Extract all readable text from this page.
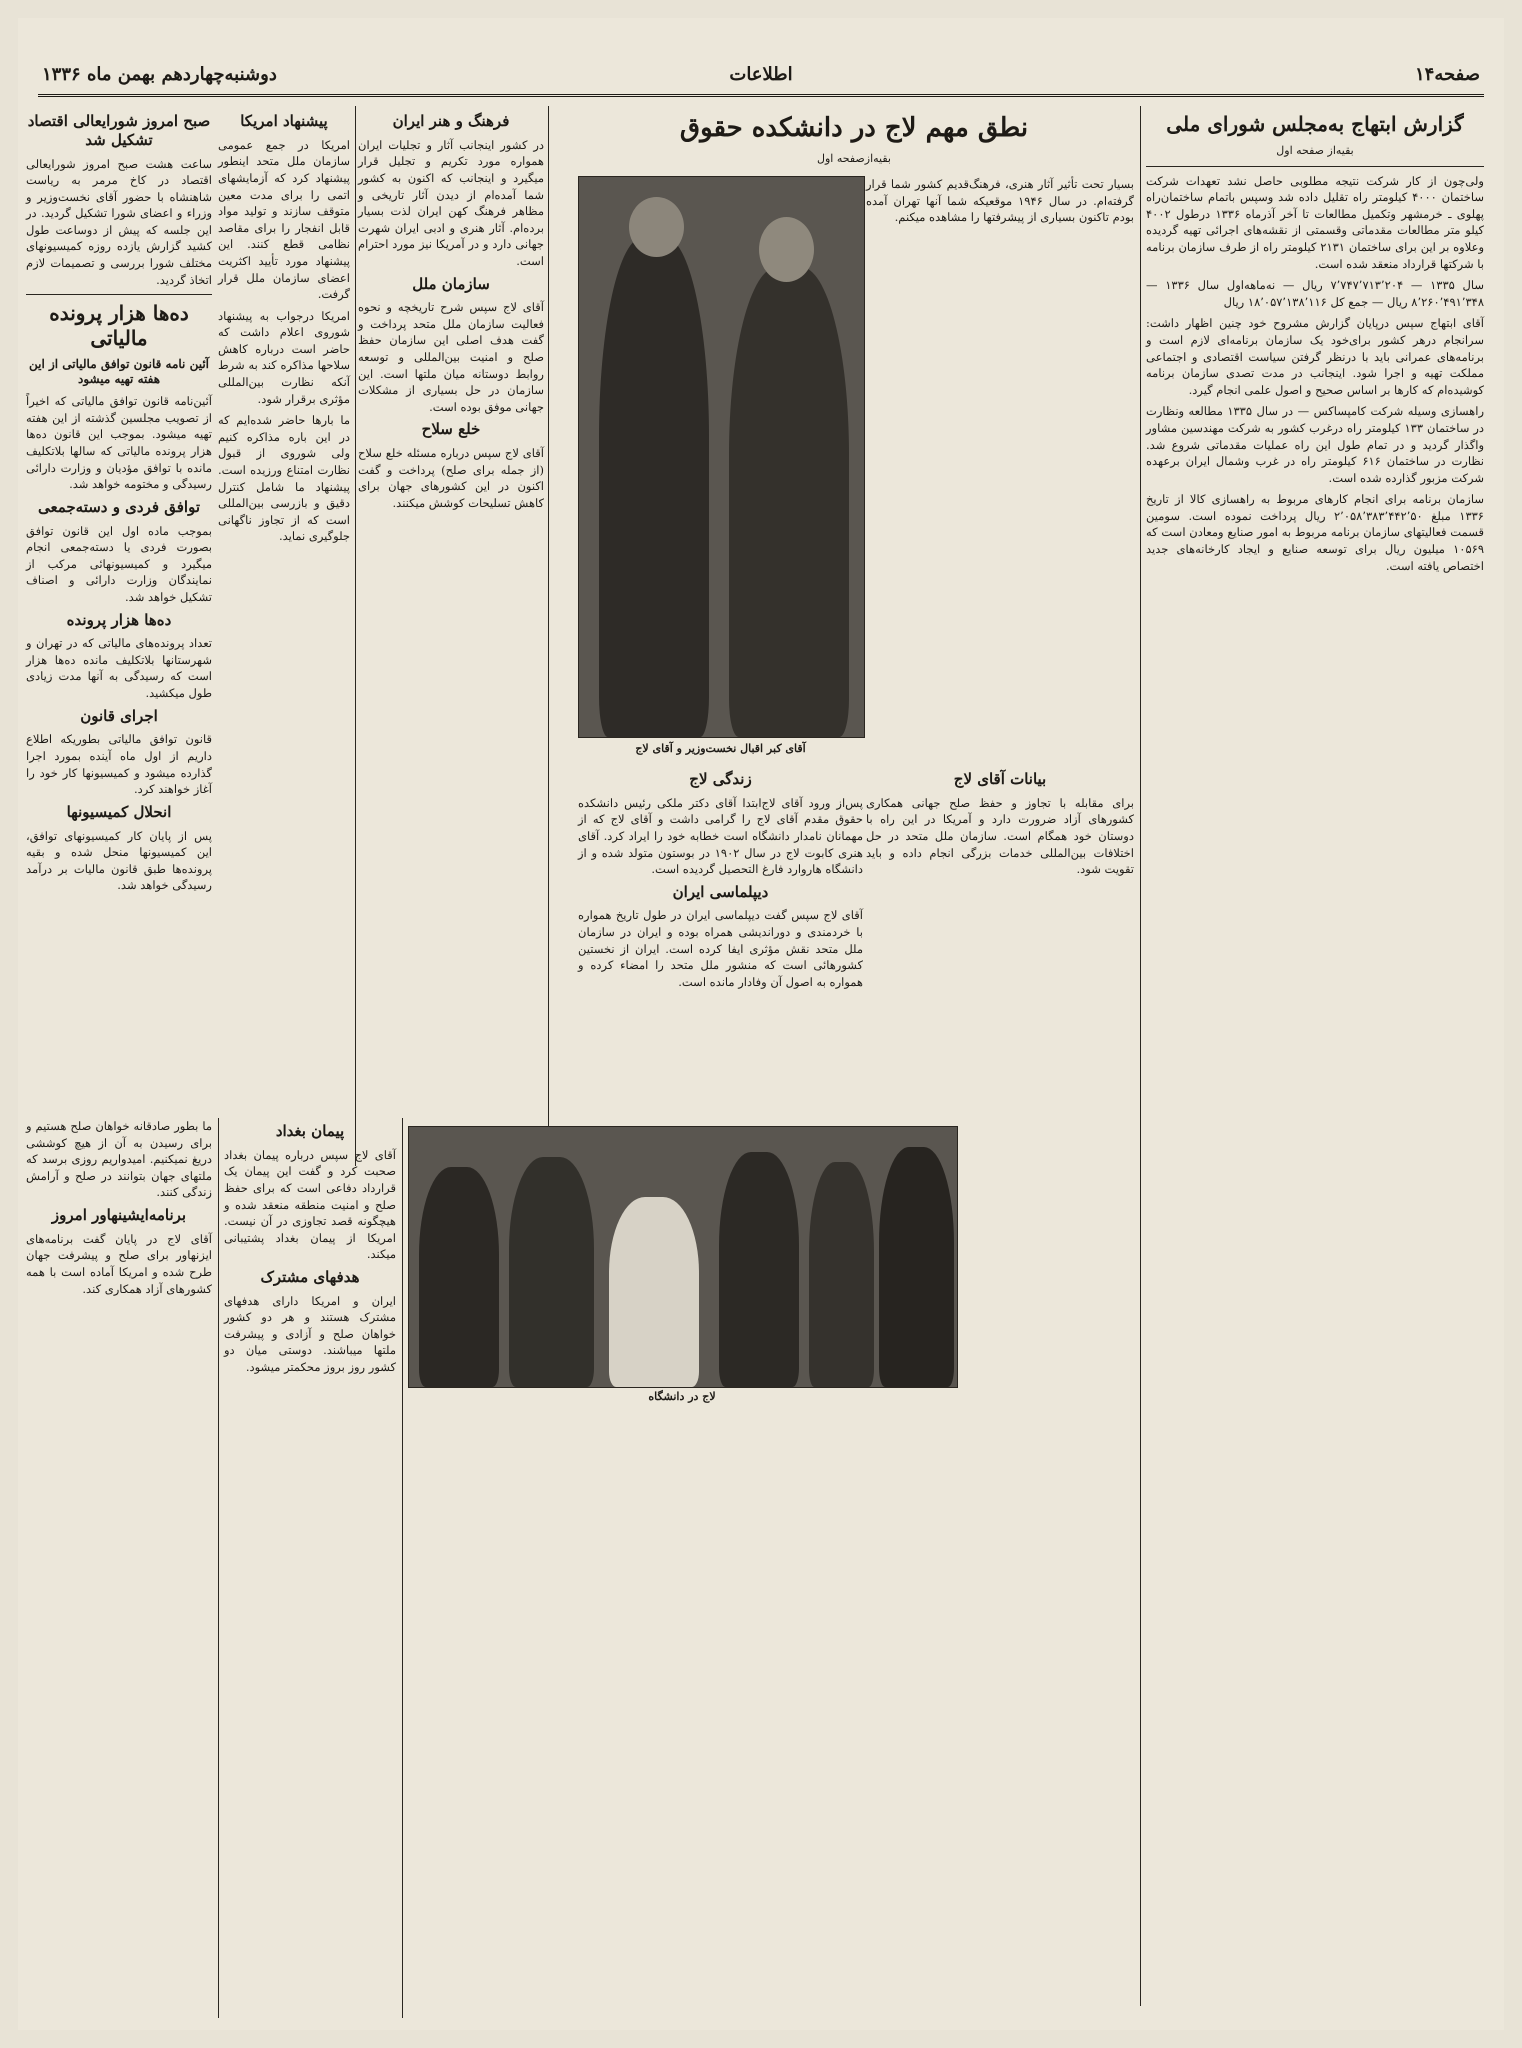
صفحه۱۴
اطلاعات
دوشنبه‌چهاردهم بهمن ماه ۱۳۳۶
گزارش ابتهاج به‌مجلس شورای ملی
بقیه‌از صفحه اول

ولی‌چون از کار شرکت نتیجه مطلوبی حاصل نشد تعهدات شرکت ساختمان ۴۰۰۰ کیلومتر راه تقلیل داده شد وسپس باتمام ساختمان‌راه پهلوی ـ خرمشهر وتکمیل مطالعات تا آخر آذرماه ۱۳۳۶ درطول ۴۰۰۲ کیلو متر مطالعات مقدماتی وقسمتی از نقشه‌های اجرائی تهیه گردیده وعلاوه بر این برای ساختمان ۲۱۳۱ کیلومتر راه از طرف سازمان برنامه با شرکتها قرارداد منعقد شده است.

سال ۱۳۳۵ — ۷٬۷۴۷٬۷۱۳٬۲۰۴ ریال — نه‌ماهه‌اول سال ۱۳۳۶ — ۸٬۲۶۰٬۴۹۱٬۳۴۸ ریال — جمع کل ۱۸٬۰۵۷٬۱۳۸٬۱۱۶ ریال

آقای ابتهاج سپس درپایان گزارش مشروح خود چنین اظهار داشت: سرانجام درهر کشور برای‌خود یک سازمان برنامه‌ای لازم است و برنامه‌های عمرانی باید با درنظر گرفتن سیاست اقتصادی و اجتماعی مملکت تهیه و اجرا شود. اینجانب در مدت تصدی سازمان برنامه کوشیده‌ام که کارها بر اساس صحیح و اصول علمی انجام گیرد.

راهسازی وسیله شرکت کامپساکس — در سال ۱۳۳۵ مطالعه ونظارت در ساختمان ۱۳۳ کیلومتر راه درغرب کشور به شرکت مهندسین مشاور واگذار گردید و در تمام طول این راه عملیات مقدماتی شروع شد. نظارت در ساختمان ۶۱۶ کیلومتر راه در غرب وشمال ایران برعهده شرکت مزبور گذارده شده است.

سازمان برنامه برای انجام کارهای مربوط به راهسازی کالا از تاریخ ۱۳۳۶ مبلغ ۲٬۰۵۸٬۳۸۳٬۴۴۲٬۵۰ ریال پرداخت نموده است. سومین قسمت فعالیتهای سازمان برنامه مربوط به امور صنایع ومعادن است که ۱۰۵۶۹ میلیون ریال برای توسعه صنایع و ایجاد کارخانه‌های جدید اختصاص یافته است.

نطق مهم لاج در دانشکده حقوق
بقیه‌ازصفحه اول
آقای کبر اقبال نخست‌وزیر و آقای لاج

بسیار تحت تأثیر آثار هنری، فرهنگ‌قدیم کشور شما قرار گرفته‌ام. در سال ۱۹۴۶ موقعیکه شما آنها تهران آمده بودم تاکنون بسیاری از پیشرفتها را مشاهده میکنم.

زندگی لاج

پس‌از ورود آقای لاج‌ابتدا آقای دکتر ملکی رئیس دانشکده حقوق مقدم آقای لاج را گرامی داشت و آقای لاج که از مهمانان نامدار دانشگاه است خطابه خود را ایراد کرد. آقای هنری کابوت لاج در سال ۱۹۰۲ در بوستون متولد شده و از دانشگاه هاروارد فارغ التحصیل گردیده است.

دیپلماسی ایران

آقای لاج سپس گفت دیپلماسی ایران در طول تاریخ همواره با خردمندی و دوراندیشی همراه بوده و ایران در سازمان ملل متحد نقش مؤثری ایفا کرده است. ایران از نخستین کشورهائی است که منشور ملل متحد را امضاء کرده و همواره به اصول آن وفادار مانده است.

بیانات آقای لاج

برای مقابله با تجاوز و حفظ صلح جهانی همکاری کشورهای آزاد ضرورت دارد و آمریکا در این راه با دوستان خود همگام است. سازمان ملل متحد در حل اختلافات بین‌المللی خدمات بزرگی انجام داده و باید تقویت شود.

فرهنگ و هنر ایران

در کشور اینجانب آثار و تجلیات ایران همواره مورد تکریم و تجلیل قرار میگیرد و اینجانب که اکنون به کشور شما آمده‌ام از دیدن آثار تاریخی و مظاهر فرهنگ کهن ایران لذت بسیار برده‌ام. آثار هنری و ادبی ایران شهرت جهانی دارد و در آمریکا نیز مورد احترام است.

سازمان ملل

آقای لاج سپس شرح تاریخچه و نحوه فعالیت سازمان ملل متحد پرداخت و گفت هدف اصلی این سازمان حفظ صلح و امنیت بین‌المللی و توسعه روابط دوستانه میان ملتها است. این سازمان در حل بسیاری از مشکلات جهانی موفق بوده است.

خلع سلاح

آقای لاج سپس درباره مسئله خلع سلاح (از جمله برای صلح) پرداخت و گفت اکنون در این کشورهای جهان برای کاهش تسلیحات کوشش میکنند.

پیشنهاد امریکا

امریکا در جمع عمومی سازمان ملل متحد اینطور پیشنهاد کرد که آزمایشهای اتمی را برای مدت معین متوقف سازند و تولید مواد قابل انفجار را برای مقاصد نظامی قطع کنند. این پیشنهاد مورد تأیید اکثریت اعضای سازمان ملل قرار گرفت.

امریکا درجواب به پیشنهاد شوروی اعلام داشت که حاضر است درباره کاهش سلاحها مذاکره کند به شرط آنکه نظارت بین‌المللی مؤثری برقرار شود.

ما بارها حاضر شده‌ایم که در این باره مذاکره کنیم ولی شوروی از قبول نظارت امتناع ورزیده است. پیشنهاد ما شامل کنترل دقیق و بازرسی بین‌المللی است که از تجاوز ناگهانی جلوگیری نماید.

صبح امروز شورایعالی اقتصاد تشکیل شد

ساعت هشت صبح امروز شورایعالی اقتصاد در کاخ مرمر به ریاست شاهنشاه با حضور آقای نخست‌وزیر و وزراء و اعضای شورا تشکیل گردید. در این جلسه که پیش از دوساعت طول کشید گزارش یازده روزه کمیسیونهای مختلف شورا بررسی و تصمیمات لازم اتخاذ گردید.

ده‌ها هزار پرونده مالیاتی
آئین نامه قانون توافق مالیاتی از این هفته تهیه میشود

آئین‌نامه قانون توافق مالیاتی که اخیراً از تصویب مجلسین گذشته از این هفته تهیه میشود. بموجب این قانون ده‌ها هزار پرونده مالیاتی که سالها بلاتکلیف مانده با توافق مؤدیان و وزارت دارائی رسیدگی و مختومه خواهد شد.

توافق فردی و دسته‌جمعی

بموجب ماده اول این قانون توافق بصورت فردی یا دسته‌جمعی انجام میگیرد و کمیسیونهائی مرکب از نمایندگان وزارت دارائی و اصناف تشکیل خواهد شد.

ده‌ها هزار پرونده

تعداد پرونده‌های مالیاتی که در تهران و شهرستانها بلاتکلیف مانده ده‌ها هزار است که رسیدگی به آنها مدت زیادی طول میکشید.

اجرای قانون

قانون توافق مالیاتی بطوریکه اطلاع داریم از اول ماه آینده بمورد اجرا گذارده میشود و کمیسیونها کار خود را آغاز خواهند کرد.

انحلال کمیسیونها

پس از پایان کار کمیسیونهای توافق، این کمیسیونها منحل شده و بقیه پرونده‌ها طبق قانون مالیات بر درآمد رسیدگی خواهد شد.

لاج در دانشگاه
پیمان بغداد

آقای لاج سپس درباره پیمان بغداد صحبت کرد و گفت این پیمان یک قرارداد دفاعی است که برای حفظ صلح و امنیت منطقه منعقد شده و هیچگونه قصد تجاوزی در آن نیست. امریکا از پیمان بغداد پشتیبانی میکند.

هدفهای مشترک

ایران و امریکا دارای هدفهای مشترک هستند و هر دو کشور خواهان صلح و آزادی و پیشرفت ملتها میباشند. دوستی میان دو کشور روز بروز محکمتر میشود.

ما بطور صادقانه خواهان صلح هستیم و برای رسیدن به آن از هیچ کوششی دریغ نمیکنیم. امیدواریم روزی برسد که ملتهای جهان بتوانند در صلح و آرامش زندگی کنند.

برنامه‌ایشینهاور امروز

آقای لاج در پایان گفت برنامه‌های ایزنهاور برای صلح و پیشرفت جهان طرح شده و امریکا آماده است با همه کشورهای آزاد همکاری کند.
